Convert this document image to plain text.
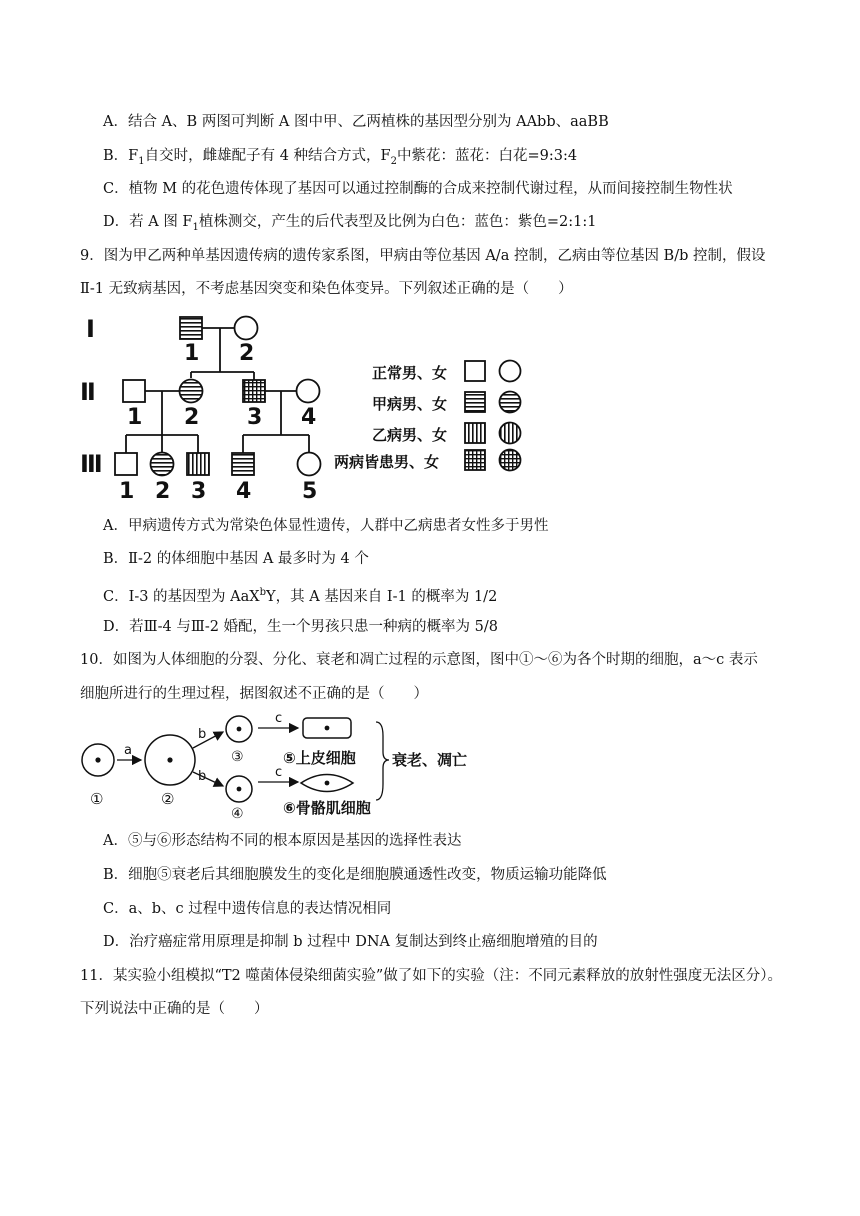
A．结合 A、B 两图可判断 A 图中甲、乙两植株的基因型分别为 AAbb、aaBB
B．$F_1$自交时，雌雄配子有 4 种结合方式，$F_2$中紫花：蓝花：白花=9:3:4
C．植物 M 的花色遗传体现了基因可以通过控制酶的合成来控制代谢过程，从而间接控制生物性状
D．若 A 图 $F_1$植株测交，产生的后代表型及比例为白色：蓝色：紫色=2:1:1
9．图为甲乙两种单基因遗传病的遗传家系图，甲病由等位基因 A/a 控制，乙病由等位基因 B/b 控制，假设
Ⅱ-1 无致病基因，不考虑基因突变和染色体变异。下列叙述正确的是（　　）
Ⅰ
Ⅱ
Ⅲ
1 2
1 2 3 4
1 2 3 4 5
正常男、女
甲病男、女
乙病男、女
两病皆患男、女
A．甲病遗传方式为常染色体显性遗传，人群中乙病患者女性多于男性
B．Ⅱ-2 的体细胞中基因 A 最多时为 4 个
C．I-3 的基因型为 AaX$^b$Y，其 A 基因来自 I-1 的概率为 1/2
D．若Ⅲ-4 与Ⅲ-2 婚配，生一个男孩只患一种病的概率为 5/8
10．如图为人体细胞的分裂、分化、衰老和凋亡过程的示意图，图中①～⑥为各个时期的细胞，a～c 表示
细胞所进行的生理过程，据图叙述不正确的是（　　）
a
b
b
c
c
①	②
③
④
⑤上皮细胞
⑥骨骼肌细胞
衰老、凋亡
A．⑤与⑥形态结构不同的根本原因是基因的选择性表达
B．细胞⑤衰老后其细胞膜发生的变化是细胞膜通透性改变，物质运输功能降低
C．a、b、c 过程中遗传信息的表达情况相同
D．治疗癌症常用原理是抑制 b 过程中 DNA 复制达到终止癌细胞增殖的目的
11．某实验小组模拟“T2 噬菌体侵染细菌实验”做了如下的实验（注：不同元素释放的放射性强度无法区分）。
下列说法中正确的是（　　）
